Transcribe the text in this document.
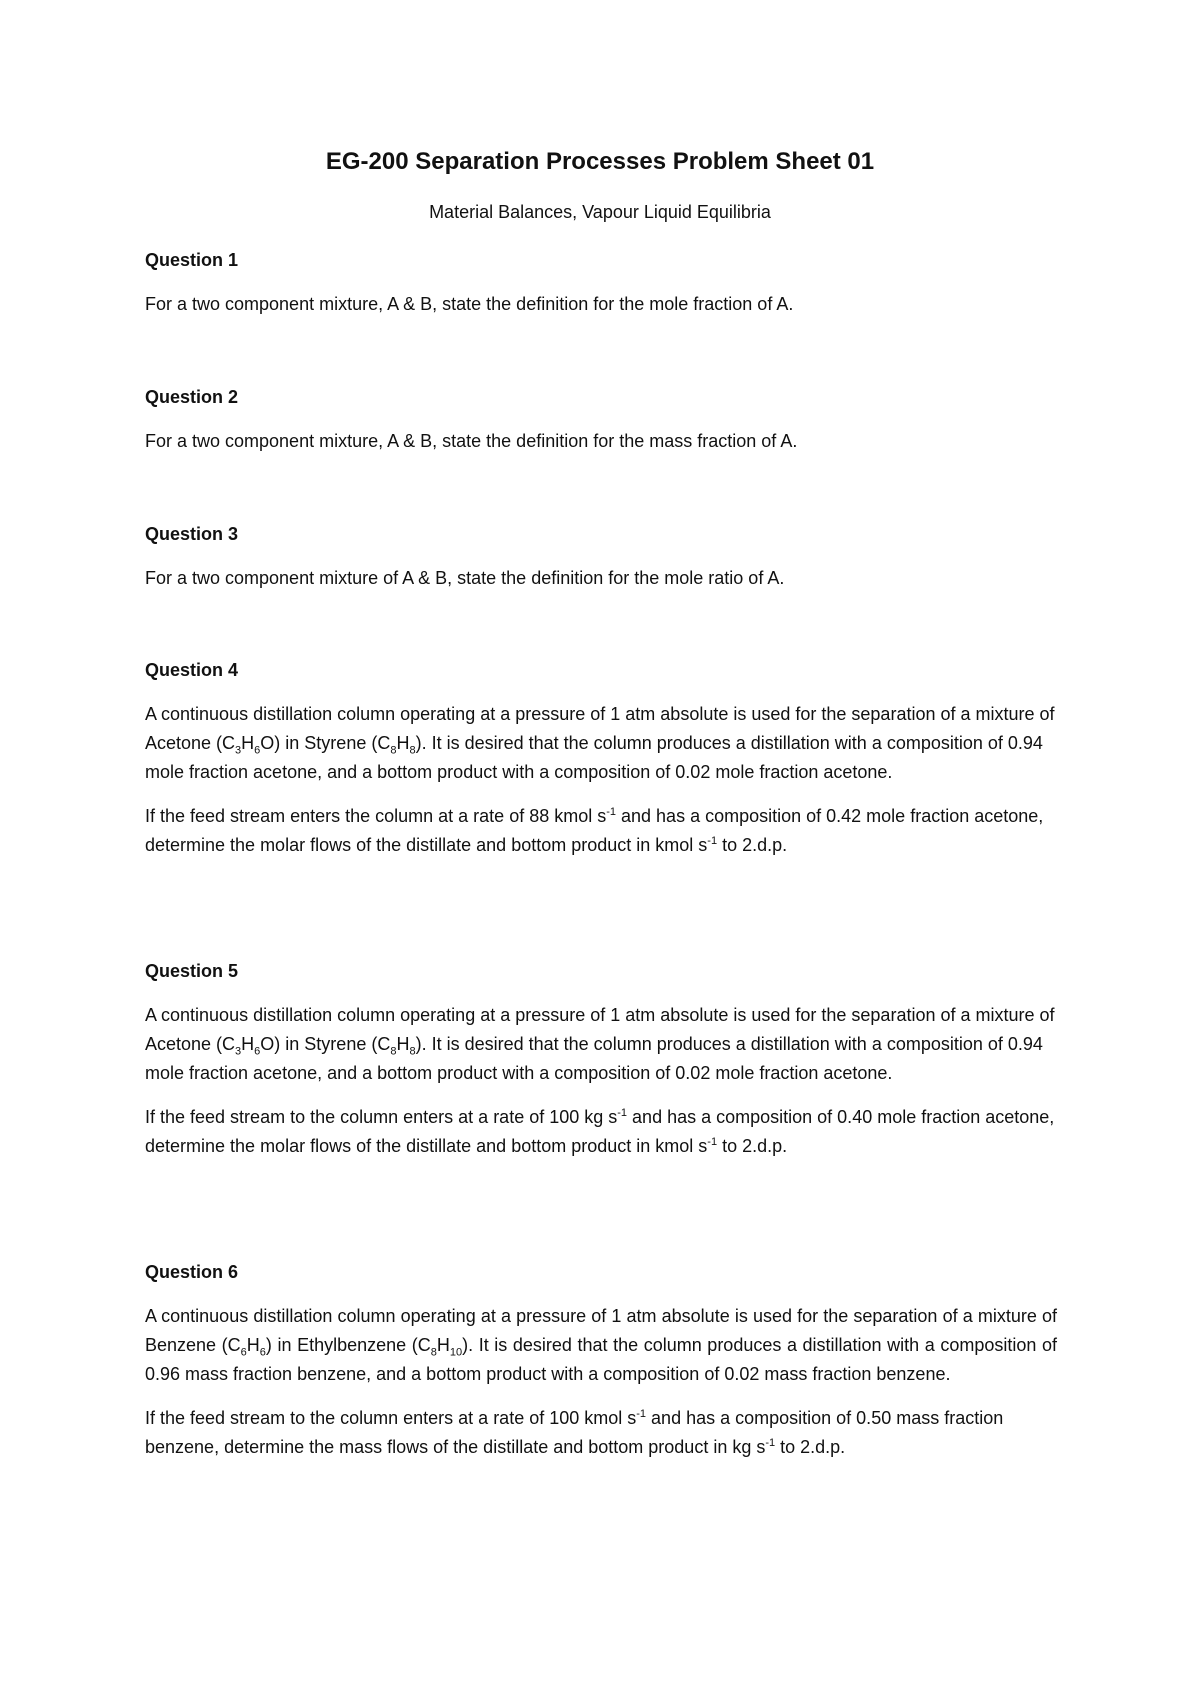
EG-200 Separation Processes Problem Sheet 01
Material Balances, Vapour Liquid Equilibria

Question 1

For a two component mixture, A & B, state the definition for the mole fraction of A.

Question 2

For a two component mixture, A & B, state the definition for the mass fraction of A.

Question 3

For a two component mixture of A & B, state the definition for the mole ratio of A.

Question 4

A continuous distillation column operating at a pressure of 1 atm absolute is used for the separation of a mixture of Acetone $(C_3H_6O)$ in Styrene $(C_8H_8)$. It is desired that the column produces a distillation with a composition of 0.94 mole fraction acetone, and a bottom product with a composition of 0.02 mole fraction acetone.

If the feed stream enters the column at a rate of 88 kmol $s^{-1}$ and has a composition of 0.42 mole fraction acetone, determine the molar flows of the distillate and bottom product in kmol $s^{-1}$ to 2.d.p.

Question 5

A continuous distillation column operating at a pressure of 1 atm absolute is used for the separation of a mixture of Acetone $(C_3H_6O)$ in Styrene $(C_8H_8)$. It is desired that the column produces a distillation with a composition of 0.94 mole fraction acetone, and a bottom product with a composition of 0.02 mole fraction acetone.

If the feed stream to the column enters at a rate of 100 kg $s^{-1}$ and has a composition of 0.40 mole fraction acetone, determine the molar flows of the distillate and bottom product in kmol $s^{-1}$ to 2.d.p.

Question 6

A continuous distillation column operating at a pressure of 1 atm absolute is used for the separation of a mixture of Benzene $(C_6H_6)$ in Ethylbenzene $(C_8H_{10})$. It is desired that the column produces a distillation with a composition of 0.96 mass fraction benzene, and a bottom product with a composition of 0.02 mass fraction benzene.

If the feed stream to the column enters at a rate of 100 kmol $s^{-1}$ and has a composition of 0.50 mass fraction benzene, determine the mass flows of the distillate and bottom product in kg $s^{-1}$ to 2.d.p.
